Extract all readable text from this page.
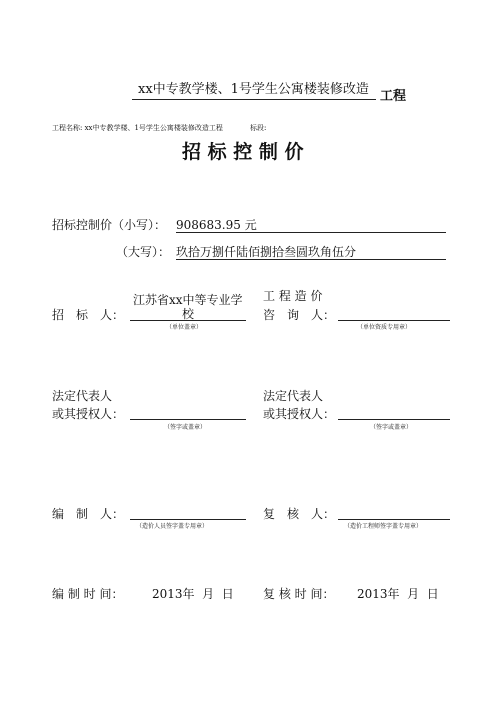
xx中专教学楼、1号学生公寓楼装修改造 工程
工程名称: xx中专教学楼、1号学生公寓楼装修改造工程	标段:
招 标 控 制 价
招标控制价（小写）： 908683.95 元
（大写）： 玖拾万捌仟陆佰捌拾叁圆玖角伍分
招　标　人：
江苏省xx中等专业学
校
（单位盖章）
工 程 造 价
咨　询　人：
（单位资质专用章）
法定代表人
或其授权人：
（签字或盖章）
法定代表人
或其授权人：
（签字或盖章）
编　制　人：
（造价人员签字盖专用章）
复　核　人：
（造价工程师签字盖专用章）
编 制 时 间： 2013年  月  日 复 核 时 间： 2013年  月  日
